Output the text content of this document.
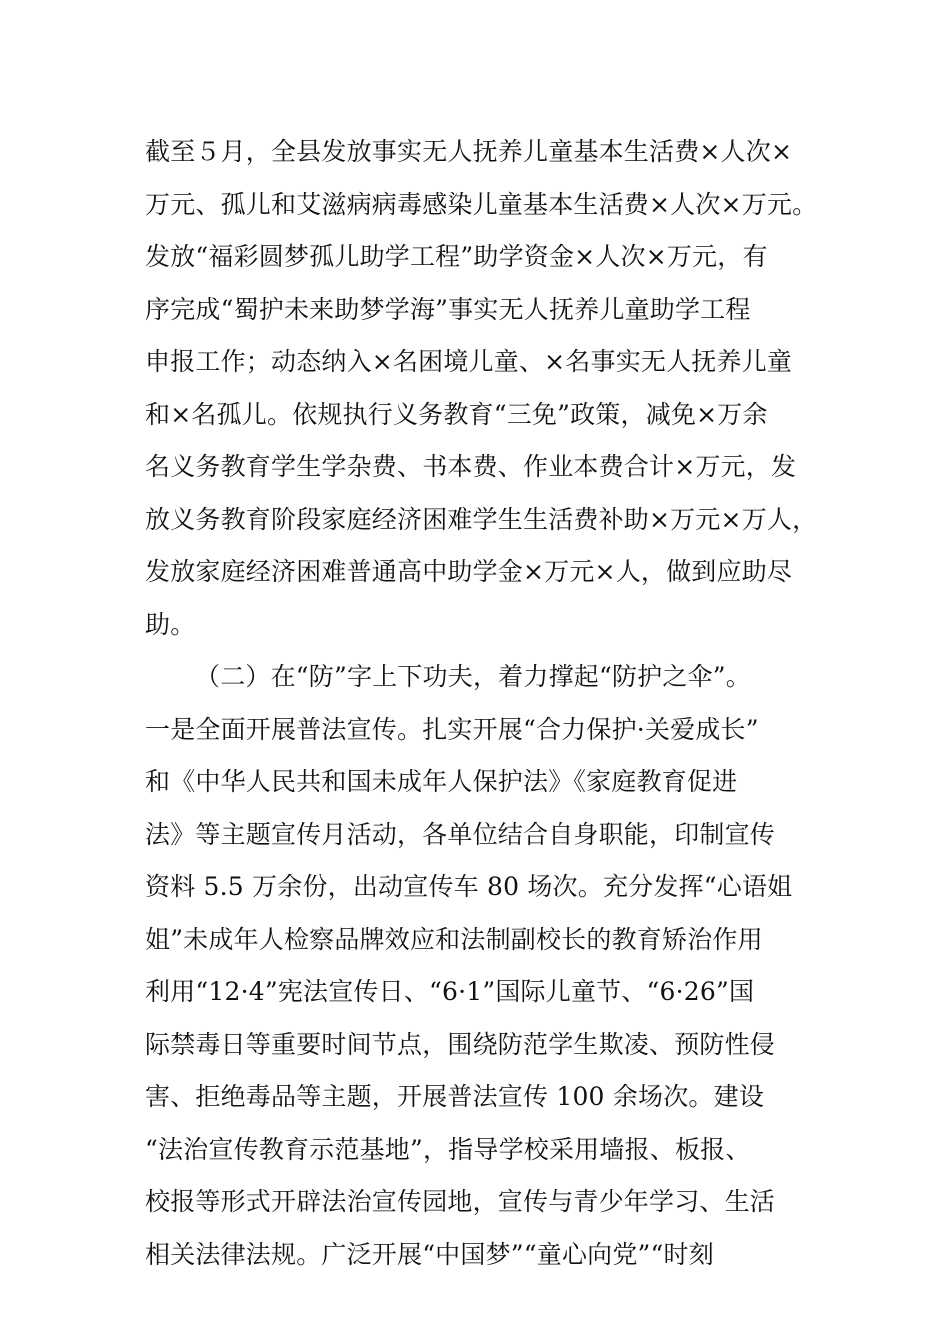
截至５月，全县发放事实无人抚养儿童基本生活费×人次×
万元、孤儿和艾滋病病毒感染儿童基本生活费×人次×万元。
发放“福彩圆梦孤儿助学工程”助学资金×人次×万元，有
序完成“蜀护未来助梦学海”事实无人抚养儿童助学工程
申报工作；动态纳入×名困境儿童、×名事实无人抚养儿童
和×名孤儿。依规执行义务教育“三免”政策，减免×万余
名义务教育学生学杂费、书本费、作业本费合计×万元，发
放义务教育阶段家庭经济困难学生生活费补助×万元×万人，
发放家庭经济困难普通高中助学金×万元×人，做到应助尽
助。
（二）在“防”字上下功夫，着力撑起“防护之伞”。
一是全面开展普法宣传。扎实开展“合力保护·关爱成长”
和《中华人民共和国未成年人保护法》《家庭教育促进
法》等主题宣传月活动，各单位结合自身职能，印制宣传
资料 5.5 万余份，出动宣传车 80 场次。充分发挥“心语姐
姐”未成年人检察品牌效应和法制副校长的教育矫治作用
利用“12·4”宪法宣传日、“6·1”国际儿童节、“6·26”国
际禁毒日等重要时间节点，围绕防范学生欺凌、预防性侵
害、拒绝毒品等主题，开展普法宣传 100 余场次。建设
“法治宣传教育示范基地”，指导学校采用墙报、板报、
校报等形式开辟法治宣传园地，宣传与青少年学习、生活
相关法律法规。广泛开展“中国梦”“童心向党”“时刻
